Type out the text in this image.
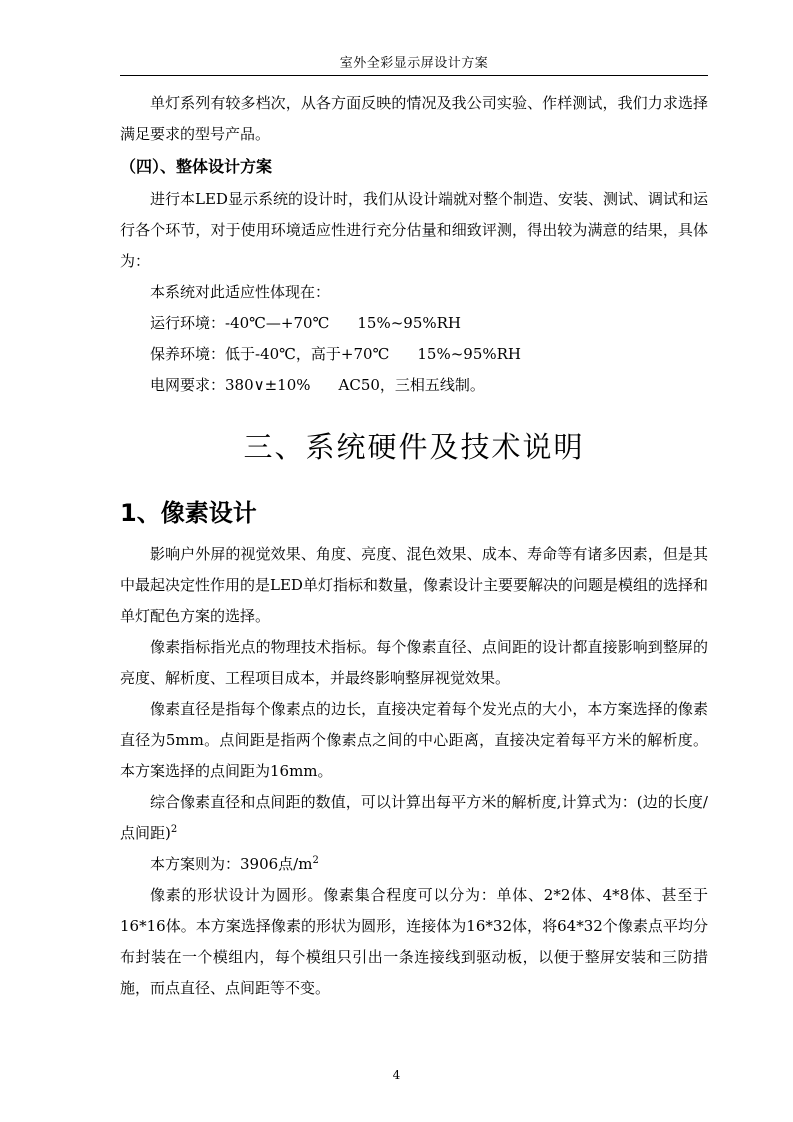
室外全彩显示屏设计方案

单灯系列有较多档次，从各方面反映的情况及我公司实验、作样测试，我们力求选择满足要求的型号产品。

（四）、整体设计方案

进行本LED显示系统的设计时，我们从设计端就对整个制造、安装、测试、调试和运行各个环节，对于使用环境适应性进行充分估量和细致评测，得出较为满意的结果，具体为：

本系统对此适应性体现在：

运行环境：-40℃—+70℃ 15%~95%RH

保养环境：低于-40℃，高于+70℃ 15%~95%RH

电网要求：380∨±10% AC50，三相五线制。

三、系统硬件及技术说明
1、像素设计

影响户外屏的视觉效果、角度、亮度、混色效果、成本、寿命等有诸多因素，但是其中最起决定性作用的是LED单灯指标和数量，像素设计主要要解决的问题是模组的选择和单灯配色方案的选择。

像素指标指光点的物理技术指标。每个像素直径、点间距的设计都直接影响到整屏的亮度、解析度、工程项目成本，并最终影响整屏视觉效果。

像素直径是指每个像素点的边长，直接决定着每个发光点的大小，本方案选择的像素直径为5mm。点间距是指两个像素点之间的中心距离，直接决定着每平方米的解析度。本方案选择的点间距为16mm。

综合像素直径和点间距的数值，可以计算出每平方米的解析度,计算式为：(边的长度/点间距)$^2$

本方案则为：3906点$/m^2$

像素的形状设计为圆形。像素集合程度可以分为：单体、2*2体、4*8体、甚至于16*16体。本方案选择像素的形状为圆形，连接体为16*32体，将64*32个像素点平均分布封装在一个模组内，每个模组只引出一条连接线到驱动板，以便于整屏安装和三防措施，而点直径、点间距等不变。

4
